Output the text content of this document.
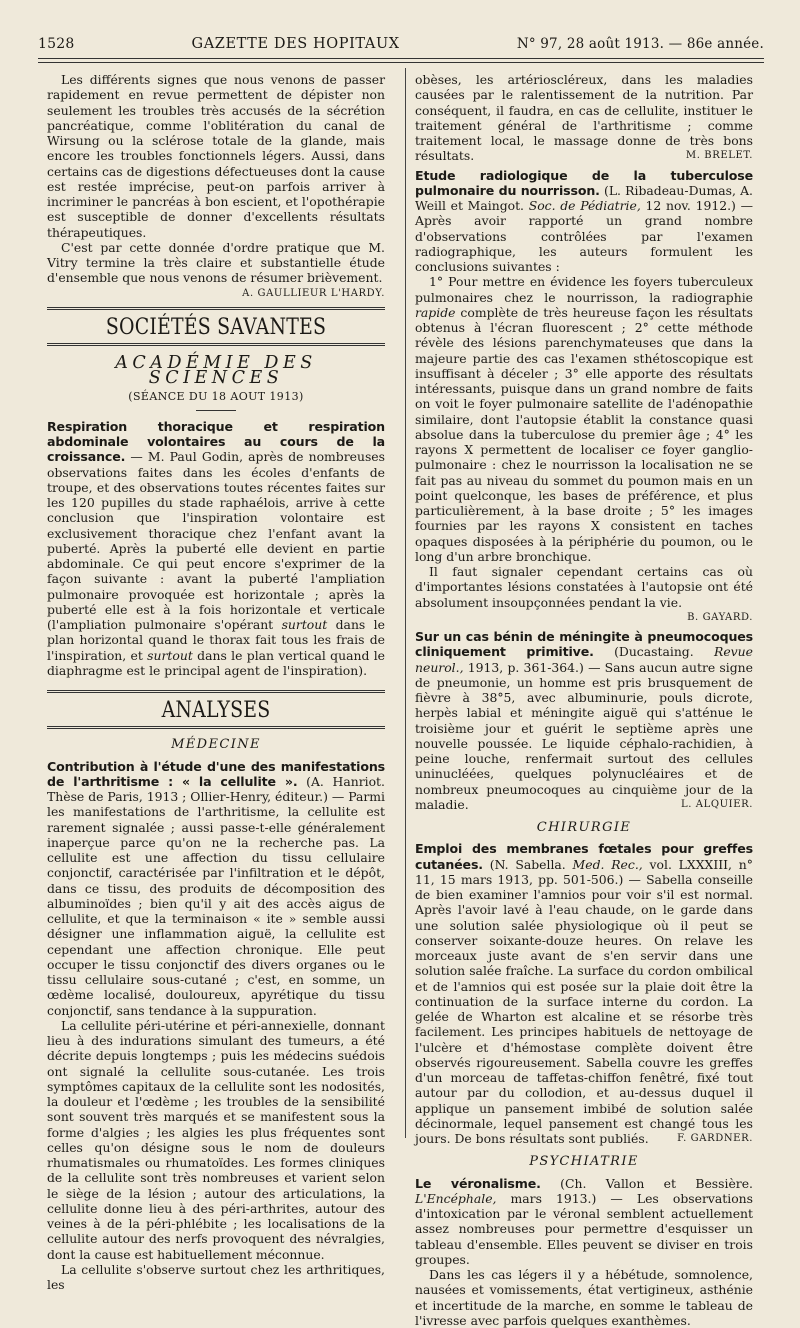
1528	GAZETTE DES HOPITAUX	N° 97, 28 août 1913. — 86e année.

Les différents signes que nous venons de passer rapidement en revue permettent de dépister non seulement les troubles très accusés de la sécrétion pancréatique, comme l'oblitération du canal de Wirsung ou la sclérose totale de la glande, mais encore les troubles fonctionnels légers. Aussi, dans certains cas de digestions défectueuses dont la cause est restée imprécise, peut-on parfois arriver à incriminer le pancréas à bon escient, et l'opothérapie est susceptible de donner d'excellents résultats thérapeutiques.

C'est par cette donnée d'ordre pratique que M. Vitry termine la très claire et substantielle étude d'ensemble que nous venons de résumer brièvement.
A. GAULLIEUR L'HARDY.

SOCIÉTÉS SAVANTES
ACADÉMIE DES SCIENCES
(SÉANCE DU 18 AOUT 1913)

Respiration thoracique et respiration abdominale volontaires au cours de la croissance. — M. Paul Godin, après de nombreuses observations faites dans les écoles d'enfants de troupe, et des observations toutes récentes faites sur les 120 pupilles du stade raphaélois, arrive à cette conclusion que l'inspiration volontaire est exclusivement thoracique chez l'enfant avant la puberté. Après la puberté elle devient en partie abdominale. Ce qui peut encore s'exprimer de la façon suivante : avant la puberté l'ampliation pulmonaire provoquée est horizontale ; après la puberté elle est à la fois horizontale et verticale (l'ampliation pulmonaire s'opérant surtout dans le plan horizontal quand le thorax fait tous les frais de l'inspiration, et surtout dans le plan vertical quand le diaphragme est le principal agent de l'inspiration).

ANALYSES
MÉDECINE

Contribution à l'étude d'une des manifestations de l'arthritisme : « la cellulite ». (A. Hanriot. Thèse de Paris, 1913 ; Ollier-Henry, éditeur.) — Parmi les manifestations de l'arthritisme, la cellulite est rarement signalée ; aussi passe-t-elle généralement inaperçue parce qu'on ne la recherche pas. La cellulite est une affection du tissu cellulaire conjonctif, caractérisée par l'infiltration et le dépôt, dans ce tissu, des produits de décomposition des albuminoïdes ; bien qu'il y ait des accès aigus de cellulite, et que la terminaison « ite » semble aussi désigner une inflammation aiguë, la cellulite est cependant une affection chronique. Elle peut occuper le tissu conjonctif des divers organes ou le tissu cellulaire sous-cutané ; c'est, en somme, un œdème localisé, douloureux, apyrétique du tissu conjonctif, sans tendance à la suppuration.

La cellulite péri-utérine et péri-annexielle, donnant lieu à des indurations simulant des tumeurs, a été décrite depuis longtemps ; puis les médecins suédois ont signalé la cellulite sous-cutanée. Les trois symptômes capitaux de la cellulite sont les nodosités, la douleur et l'œdème ; les troubles de la sensibilité sont souvent très marqués et se manifestent sous la forme d'algies ; les algies les plus fréquentes sont celles qu'on désigne sous le nom de douleurs rhumatismales ou rhumatoïdes. Les formes cliniques de la cellulite sont très nombreuses et varient selon le siège de la lésion ; autour des articulations, la cellulite donne lieu à des péri-arthrites, autour des veines à de la péri-phlébite ; les localisations de la cellulite autour des nerfs provoquent des névralgies, dont la cause est habituellement méconnue.

La cellulite s'observe surtout chez les arthritiques, les

obèses, les artérioscléreux, dans les maladies causées par le ralentissement de la nutrition. Par conséquent, il faudra, en cas de cellulite, instituer le traitement général de l'arthritisme ; comme traitement local, le massage donne de très bons résultats.	M. BRELET.

Etude radiologique de la tuberculose pulmonaire du nourrisson. (L. Ribadeau-Dumas, A. Weill et Maingot. Soc. de Pédiatrie, 12 nov. 1912.) — Après avoir rapporté un grand nombre d'observations contrôlées par l'examen radiographique, les auteurs formulent les conclusions suivantes :

1° Pour mettre en évidence les foyers tuberculeux pulmonaires chez le nourrisson, la radiographie rapide complète de très heureuse façon les résultats obtenus à l'écran fluorescent ; 2° cette méthode révèle des lésions parenchymateuses que dans la majeure partie des cas l'examen sthétoscopique est insuffisant à déceler ; 3° elle apporte des résultats intéressants, puisque dans un grand nombre de faits on voit le foyer pulmonaire satellite de l'adénopathie similaire, dont l'autopsie établit la constance quasi absolue dans la tuberculose du premier âge ; 4° les rayons X permettent de localiser ce foyer ganglio-pulmonaire : chez le nourrisson la localisation ne se fait pas au niveau du sommet du poumon mais en un point quelconque, les bases de préférence, et plus particulièrement, à la base droite ; 5° les images fournies par les rayons X consistent en taches opaques disposées à la périphérie du poumon, ou le long d'un arbre bronchique.

Il faut signaler cependant certains cas où d'importantes lésions constatées à l'autopsie ont été absolument insoupçonnées pendant la vie.
B. GAYARD.

Sur un cas bénin de méningite à pneumocoques cliniquement primitive. (Ducastaing. Revue neurol., 1913, p. 361-364.) — Sans aucun autre signe de pneumonie, un homme est pris brusquement de fièvre à 38°5, avec albuminurie, pouls dicrote, herpès labial et méningite aiguë qui s'atténue le troisième jour et guérit le septième après une nouvelle poussée. Le liquide céphalo-rachidien, à peine louche, renfermait surtout des cellules uninucléées, quelques polynucléaires et de nombreux pneumocoques au cinquième jour de la maladie.	L. ALQUIER.

CHIRURGIE

Emploi des membranes fœtales pour greffes cutanées. (N. Sabella. Med. Rec., vol. LXXXIII, n° 11, 15 mars 1913, pp. 501-506.) — Sabella conseille de bien examiner l'amnios pour voir s'il est normal. Après l'avoir lavé à l'eau chaude, on le garde dans une solution salée physiologique où il peut se conserver soixante-douze heures. On relave les morceaux juste avant de s'en servir dans une solution salée fraîche. La surface du cordon ombilical et de l'amnios qui est posée sur la plaie doit être la continuation de la surface interne du cordon. La gelée de Wharton est alcaline et se résorbe très facilement. Les principes habituels de nettoyage de l'ulcère et d'hémostase complète doivent être observés rigoureusement. Sabella couvre les greffes d'un morceau de taffetas-chiffon fenêtré, fixé tout autour par du collodion, et au-dessus duquel il applique un pansement imbibé de solution salée décinormale, lequel pansement est changé tous les jours. De bons résultats sont publiés.	F. GARDNER.

PSYCHIATRIE

Le véronalisme. (Ch. Vallon et Bessière. L'Encéphale, mars 1913.) — Les observations d'intoxication par le véronal semblent actuellement assez nombreuses pour permettre d'esquisser un tableau d'ensemble. Elles peuvent se diviser en trois groupes.

Dans les cas légers il y a hébétude, somnolence, nausées et vomissements, état vertigineux, asthénie et incertitude de la marche, en somme le tableau de l'ivresse avec parfois quelques exanthèmes.
